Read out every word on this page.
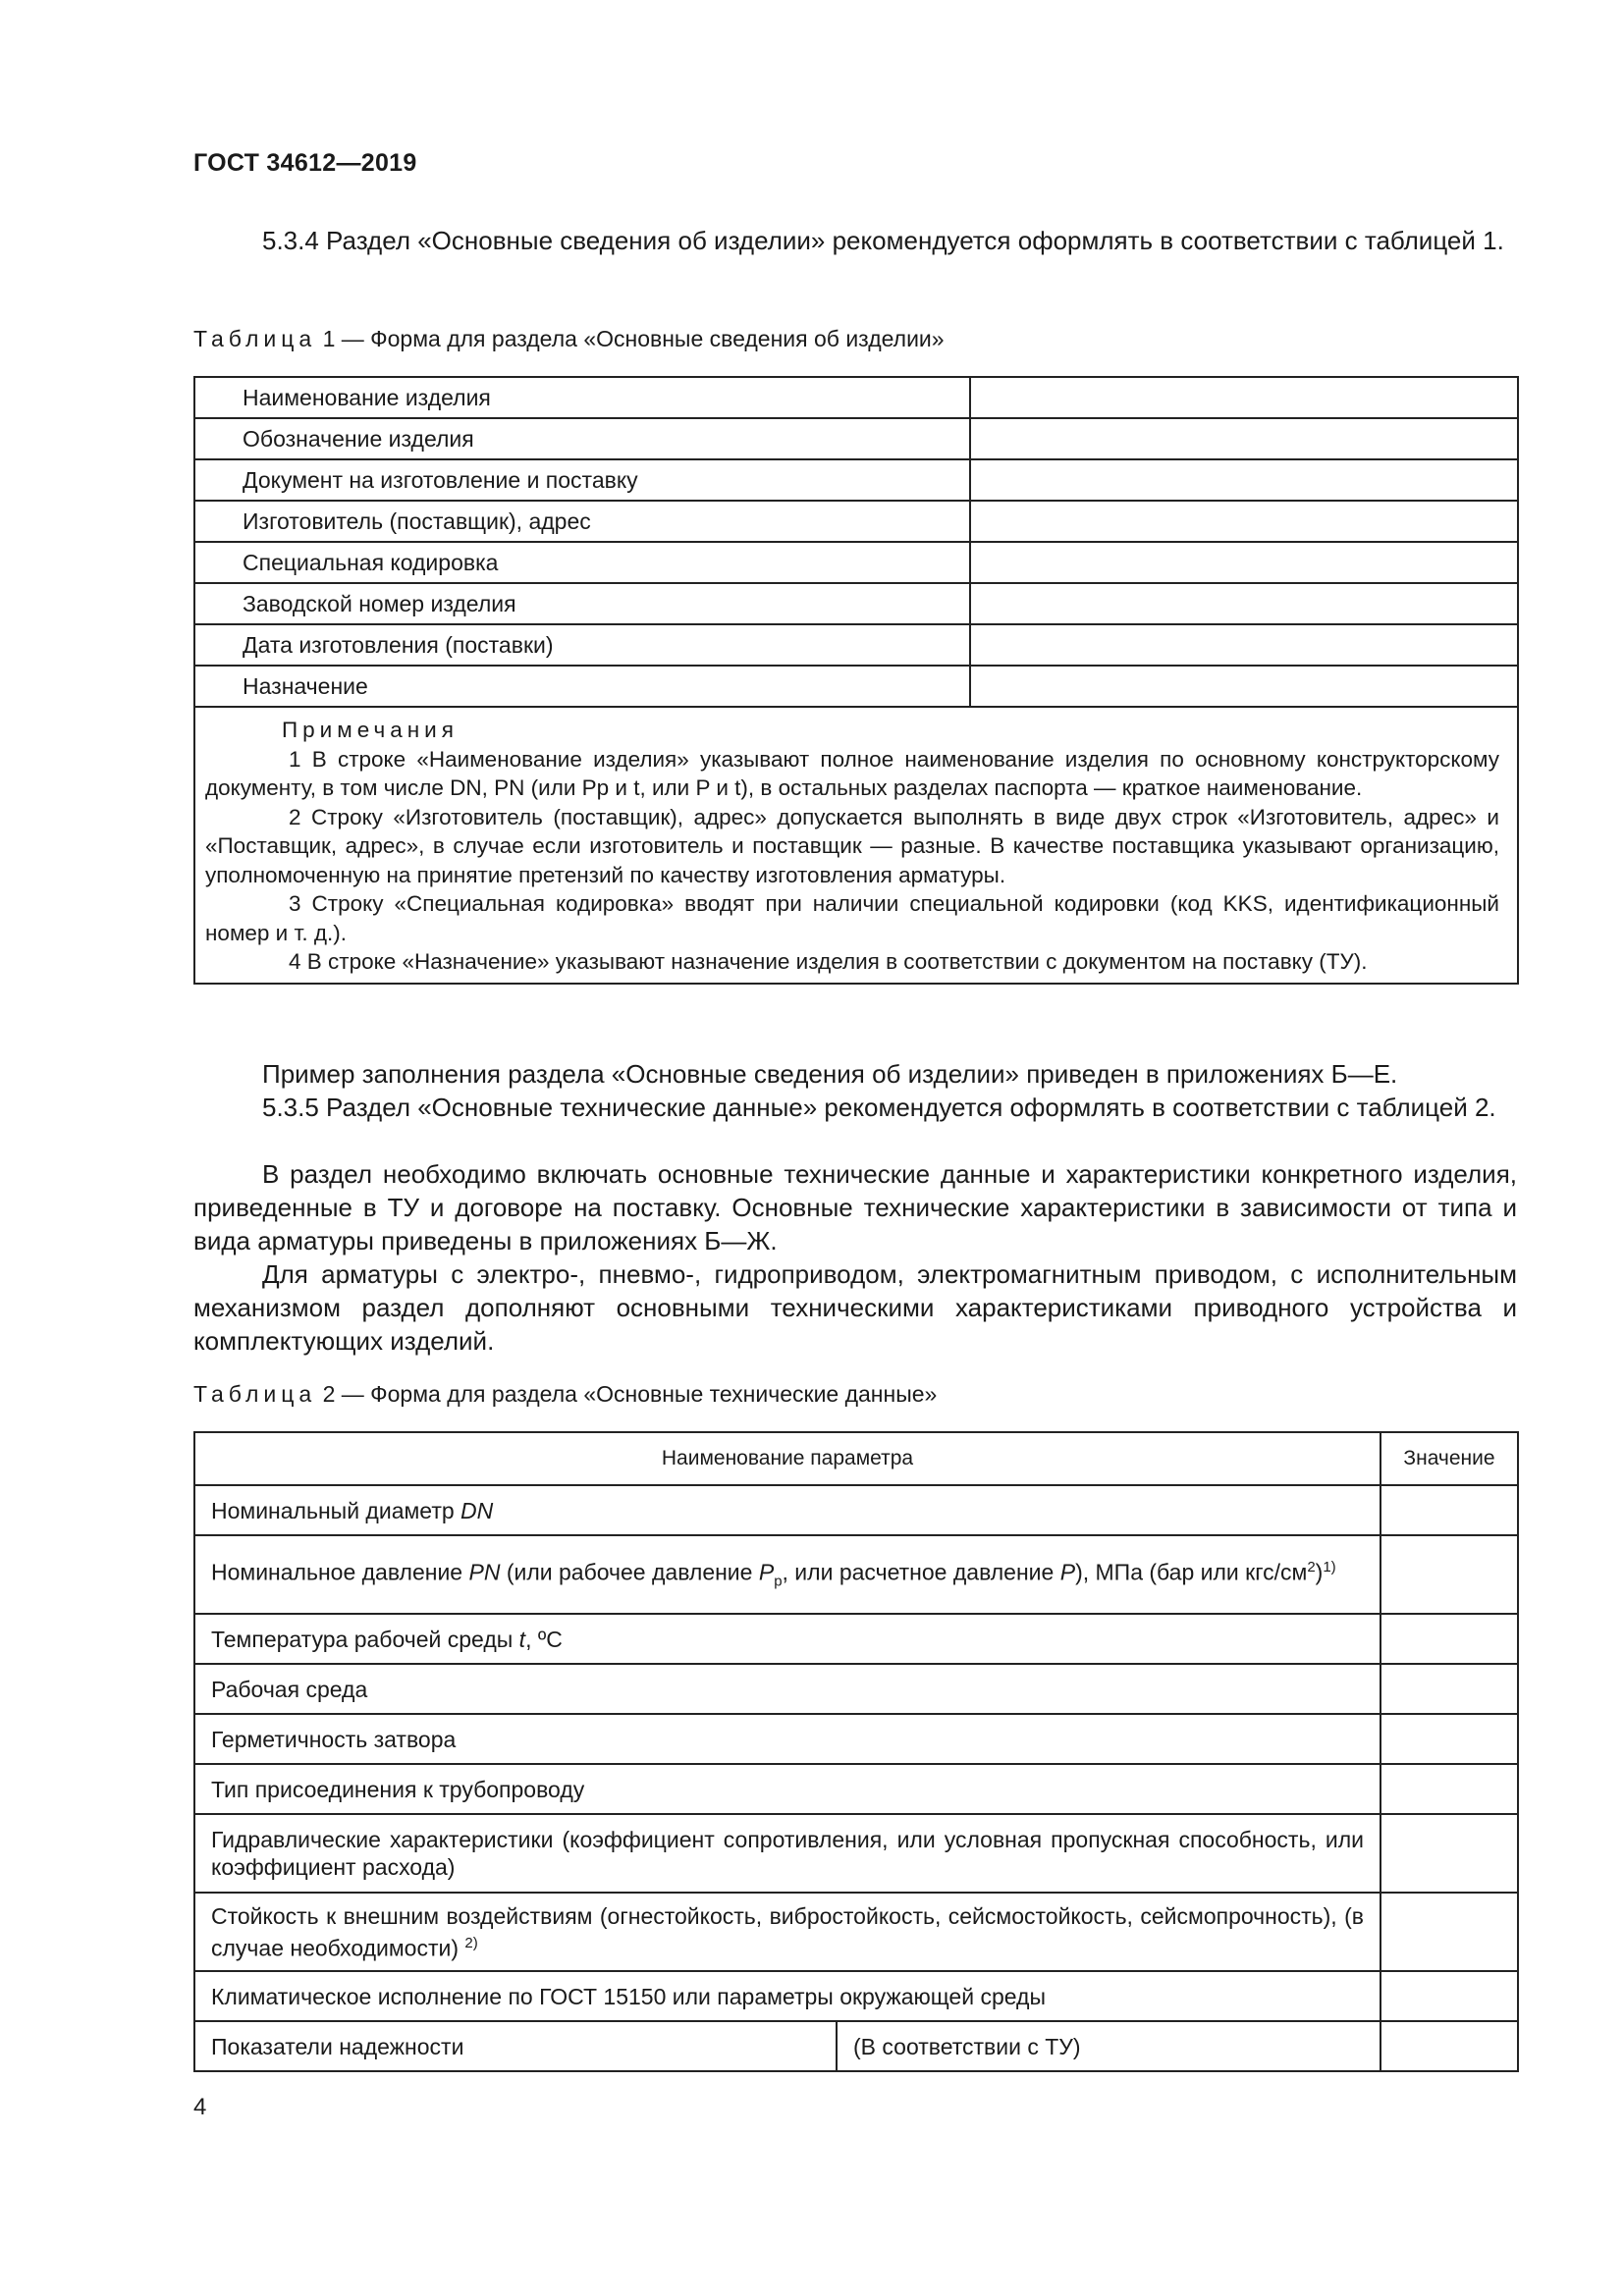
ГОСТ 34612—2019
5.3.4 Раздел «Основные сведения об изделии» рекомендуется оформлять в соответствии с таблицей 1.
Таблица 1 — Форма для раздела «Основные сведения об изделии»
Наименование изделия	
Обозначение изделия	
Документ на изготовление и поставку	
Изготовитель (поставщик), адрес	
Специальная кодировка	
Заводской номер изделия	
Дата изготовления (поставки)	
Назначение	

Примечания

1 В строке «Наименование изделия» указывают полное наименование изделия по основному конструкторскому документу, в том числе DN, PN (или Pp и t, или P и t), в остальных разделах паспорта — краткое наименование.

2 Строку «Изготовитель (поставщик), адрес» допускается выполнять в виде двух строк «Изготовитель, адрес» и «Поставщик, адрес», в случае если изготовитель и поставщик — разные. В качестве поставщика указывают организацию, уполномоченную на принятие претензий по качеству изготовления арматуры.

3 Строку «Специальная кодировка» вводят при наличии специальной кодировки (код KKS, идентификационный номер и т. д.).

4 В строке «Назначение» указывают назначение изделия в соответствии с документом на поставку (ТУ).	

Пример заполнения раздела «Основные сведения об изделии» приведен в приложениях Б—Е.
5.3.5 Раздел «Основные технические данные» рекомендуется оформлять в соответствии с таблицей 2.
В раздел необходимо включать основные технические данные и характеристики конкретного изделия, приведенные в ТУ и договоре на поставку. Основные технические характеристики в зависимости от типа и вида арматуры приведены в приложениях Б—Ж.
Для арматуры с электро-, пневмо-, гидроприводом, электромагнитным приводом, с исполнительным механизмом раздел дополняют основными техническими характеристиками приводного устройства и комплектующих изделий.
Таблица 2 — Форма для раздела «Основные технические данные»
Наименование параметра		Значение
Номинальный диаметр DN		
Номинальное давление PN (или рабочее давление $P_р$, или расчетное давление P), МПа (бар или кгс/$см^2)^{1)}$	
Температура рабочей среды t, ºС		
Рабочая среда		
Герметичность затвора		
Тип присоединения к трубопроводу		
Гидравлические характеристики (коэффициент сопротивления, или условная пропускная способность, или коэффициент расхода)		
Стойкость к внешним воздействиям (огнестойкость, вибростойкость, сейсмостойкость, сейсмопрочность), (в случае необходимости) $^{2)}$	
Климатическое исполнение по ГОСТ 15150 или параметры окружающей среды		
Показатели надежности	(В соответствии с ТУ)	
4
